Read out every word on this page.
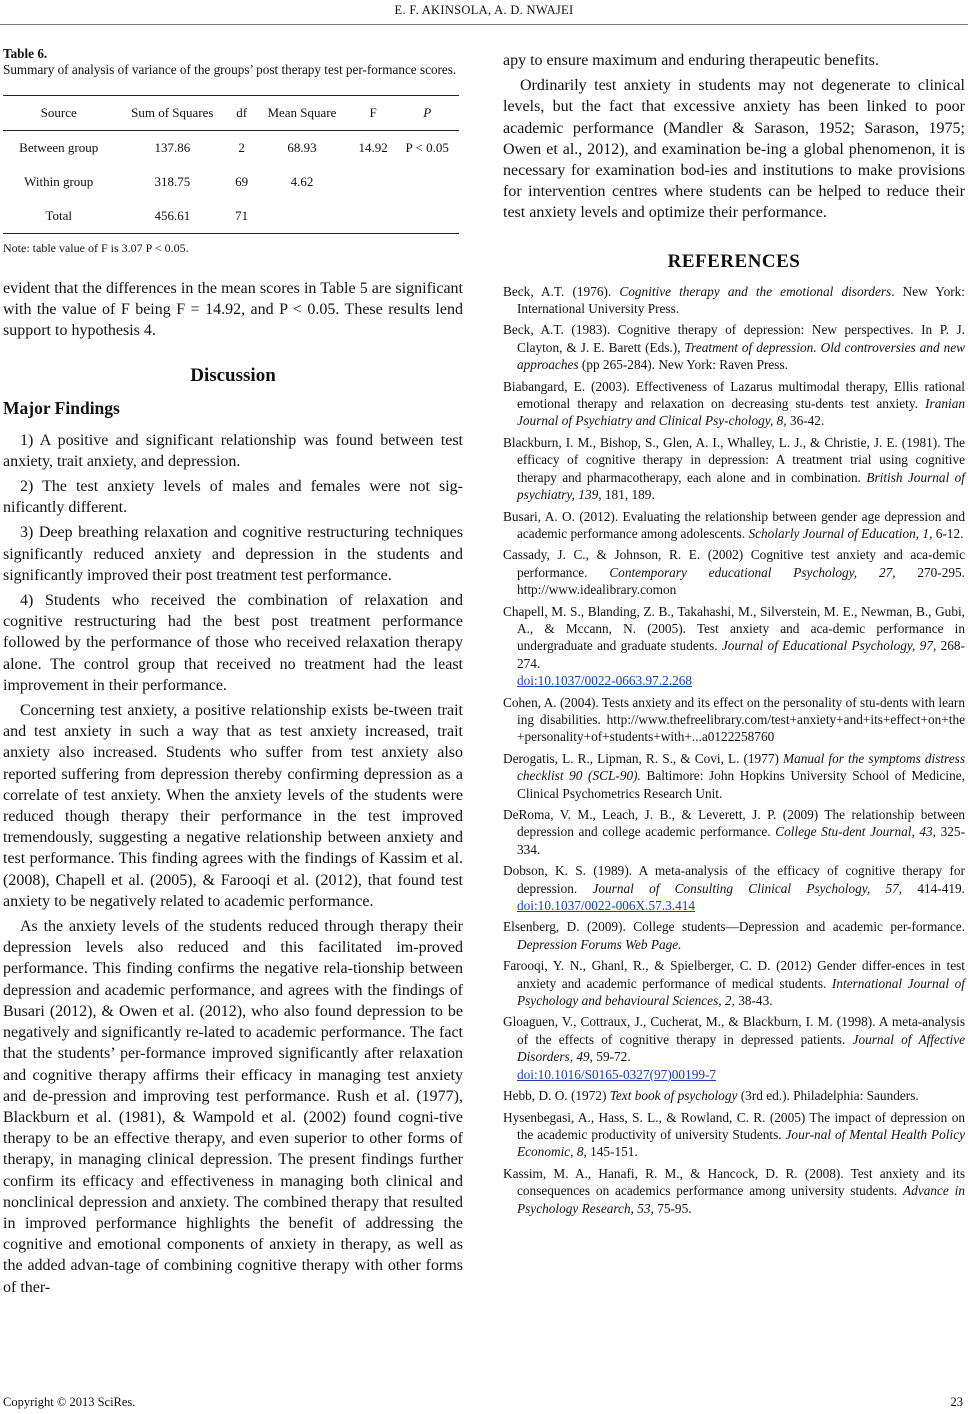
E. F. AKINSOLA, A. D. NWAJEI
Table 6.
Summary of analysis of variance of the groups’ post therapy test per-formance scores.
Source	Sum of Squares	df	Mean Square	F	P
Between group	137.86	2	68.93	14.92	P < 0.05
Within group	318.75	69	4.62		
Total	456.61	71			
Note: table value of F is 3.07 P < 0.05.

evident that the differences in the mean scores in Table 5 are significant with the value of F being F = 14.92, and P < 0.05. These results lend support to hypothesis 4.

Discussion
Major Findings

1) A positive and significant relationship was found between test anxiety, trait anxiety, and depression.

2) The test anxiety levels of males and females were not sig-nificantly different.

3) Deep breathing relaxation and cognitive restructuring techniques significantly reduced anxiety and depression in the students and significantly improved their post treatment test performance.

4) Students who received the combination of relaxation and cognitive restructuring had the best post treatment performance followed by the performance of those who received relaxation therapy alone. The control group that received no treatment had the least improvement in their performance.

Concerning test anxiety, a positive relationship exists be-tween trait and test anxiety in such a way that as test anxiety increased, trait anxiety also increased. Students who suffer from test anxiety also reported suffering from depression thereby confirming depression as a correlate of test anxiety. When the anxiety levels of the students were reduced though therapy their performance in the test improved tremendously, suggesting a negative relationship between anxiety and test performance. This finding agrees with the findings of Kassim et al. (2008), Chapell et al. (2005), & Farooqi et al. (2012), that found test anxiety to be negatively related to academic performance.

As the anxiety levels of the students reduced through therapy their depression levels also reduced and this facilitated im-proved performance. This finding confirms the negative rela-tionship between depression and academic performance, and agrees with the findings of Busari (2012), & Owen et al. (2012), who also found depression to be negatively and significantly re-lated to academic performance. The fact that the students’ per-formance improved significantly after relaxation and cognitive therapy affirms their efficacy in managing test anxiety and de-pression and improving test performance. Rush et al. (1977), Blackburn et al. (1981), & Wampold et al. (2002) found cogni-tive therapy to be an effective therapy, and even superior to other forms of therapy, in managing clinical depression. The present findings further confirm its efficacy and effectiveness in managing both clinical and nonclinical depression and anxiety. The combined therapy that resulted in improved performance highlights the benefit of addressing the cognitive and emotional components of anxiety in therapy, as well as the added advan-tage of combining cognitive therapy with other forms of ther-

apy to ensure maximum and enduring therapeutic benefits.

Ordinarily test anxiety in students may not degenerate to clinical levels, but the fact that excessive anxiety has been linked to poor academic performance (Mandler & Sarason, 1952; Sarason, 1975; Owen et al., 2012), and examination be-ing a global phenomenon, it is necessary for examination bod-ies and institutions to make provisions for intervention centres where students can be helped to reduce their test anxiety levels and optimize their performance.

REFERENCES

Beck, A.T. (1976). Cognitive therapy and the emotional disorders. New York: International University Press.

Beck, A.T. (1983). Cognitive therapy of depression: New perspectives. In P. J. Clayton, & J. E. Barett (Eds.), Treatment of depression. Old controversies and new approaches (pp 265-284). New York: Raven Press.

Biabangard, E. (2003). Effectiveness of Lazarus multimodal therapy, Ellis rational emotional therapy and relaxation on decreasing stu-dents test anxiety. Iranian Journal of Psychiatry and Clinical Psy-chology, 8, 36-42.

Blackburn, I. M., Bishop, S., Glen, A. I., Whalley, L. J., & Christie, J. E. (1981). The efficacy of cognitive therapy in depression: A treatment trial using cognitive therapy and pharmacotherapy, each alone and in combination. British Journal of psychiatry, 139, 181, 189.

Busari, A. O. (2012). Evaluating the relationship between gender age depression and academic performance among adolescents. Scholarly Journal of Education, 1, 6-12.

Cassady, J. C., & Johnson, R. E. (2002) Cognitive test anxiety and aca-demic performance. Contemporary educational Psychology, 27, 270-295. http://www.idealibrary.comon

Chapell, M. S., Blanding, Z. B., Takahashi, M., Silverstein, M. E., Newman, B., Gubi, A., & Mccann, N. (2005). Test anxiety and aca-demic performance in undergraduate and graduate students. Journal of Educational Psychology, 97, 268-274.
doi:10.1037/0022-0663.97.2.268

Cohen, A. (2004). Tests anxiety and its effect on the personality of stu-dents with learning disabilities. http://www.thefreelibrary.com/test+anxiety+and+its+effect+on+the+personality+of+students+with+...a0122258760

Derogatis, L. R., Lipman, R. S., & Covi, L. (1977) Manual for the symptoms distress checklist 90 (SCL-90). Baltimore: John Hopkins University School of Medicine, Clinical Psychometrics Research Unit.

DeRoma, V. M., Leach, J. B., & Leverett, J. P. (2009) The relationship between depression and college academic performance. College Stu-dent Journal, 43, 325-334.

Dobson, K. S. (1989). A meta-analysis of the efficacy of cognitive therapy for depression. Journal of Consulting Clinical Psychology, 57, 414-419. doi:10.1037/0022-006X.57.3.414

Elsenberg, D. (2009). College students—Depression and academic per-formance. Depression Forums Web Page.

Farooqi, Y. N., Ghanl, R., & Spielberger, C. D. (2012) Gender differ-ences in test anxiety and academic performance of medical students. International Journal of Psychology and behavioural Sciences, 2, 38-43.

Gloaguen, V., Cottraux, J., Cucherat, M., & Blackburn, I. M. (1998). A meta-analysis of the effects of cognitive therapy in depressed patients. Journal of Affective Disorders, 49, 59-72.
doi:10.1016/S0165-0327(97)00199-7

Hebb, D. O. (1972) Text book of psychology (3rd ed.). Philadelphia: Saunders.

Hysenbegasi, A., Hass, S. L., & Rowland, C. R. (2005) The impact of depression on the academic productivity of university Students. Jour-nal of Mental Health Policy Economic, 8, 145-151.

Kassim, M. A., Hanafi, R. M., & Hancock, D. R. (2008). Test anxiety and its consequences on academics performance among university students. Advance in Psychology Research, 53, 75-95.

Copyright © 2013 SciRes.	23
